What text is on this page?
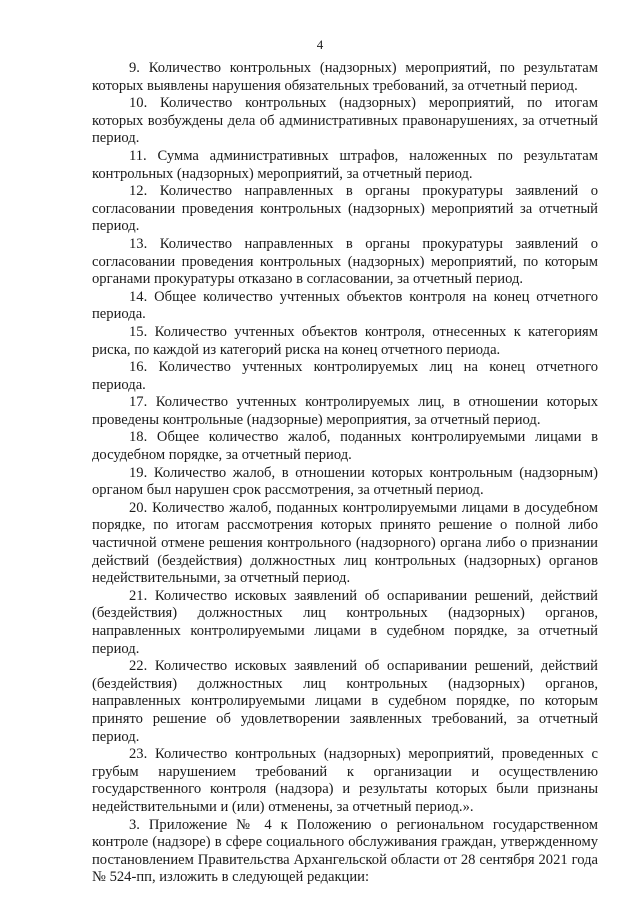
4

9. Количество контрольных (надзорных) мероприятий, по результатам которых выявлены нарушения обязательных требований, за отчетный период.

10. Количество контрольных (надзорных) мероприятий, по итогам которых возбуждены дела об административных правонарушениях, за отчетный период.

11. Сумма административных штрафов, наложенных по результатам контрольных (надзорных) мероприятий, за отчетный период.

12. Количество направленных в органы прокуратуры заявлений о согласовании проведения контрольных (надзорных) мероприятий за отчетный период.

13. Количество направленных в органы прокуратуры заявлений о согласовании проведения контрольных (надзорных) мероприятий, по которым органами прокуратуры отказано в согласовании, за отчетный период.

14. Общее количество учтенных объектов контроля на конец отчетного периода.

15. Количество учтенных объектов контроля, отнесенных к категориям риска, по каждой из категорий риска на конец отчетного периода.

16. Количество учтенных контролируемых лиц на конец отчетного периода.

17. Количество учтенных контролируемых лиц, в отношении которых проведены контрольные (надзорные) мероприятия, за отчетный период.

18. Общее количество жалоб, поданных контролируемыми лицами в досудебном порядке, за отчетный период.

19. Количество жалоб, в отношении которых контрольным (надзорным) органом был нарушен срок рассмотрения, за отчетный период.

20. Количество жалоб, поданных контролируемыми лицами в досудебном порядке, по итогам рассмотрения которых принято решение о полной либо частичной отмене решения контрольного (надзорного) органа либо о признании действий (бездействия) должностных лиц контрольных (надзорных) органов недействительными, за отчетный период.

21. Количество исковых заявлений об оспаривании решений, действий (бездействия) должностных лиц контрольных (надзорных) органов, направленных контролируемыми лицами в судебном порядке, за отчетный период.

22. Количество исковых заявлений об оспаривании решений, действий (бездействия) должностных лиц контрольных (надзорных) органов, направленных контролируемыми лицами в судебном порядке, по которым принято решение об удовлетворении заявленных требований, за отчетный период.

23. Количество контрольных (надзорных) мероприятий, проведенных с грубым нарушением требований к организации и осуществлению государственного контроля (надзора) и результаты которых были признаны недействительными и (или) отменены, за отчетный период.».

3. Приложение № 4 к Положению о региональном государственном контроле (надзоре) в сфере социального обслуживания граждан, утвержденному постановлением Правительства Архангельской области от 28 сентября 2021 года № 524-пп, изложить в следующей редакции:
